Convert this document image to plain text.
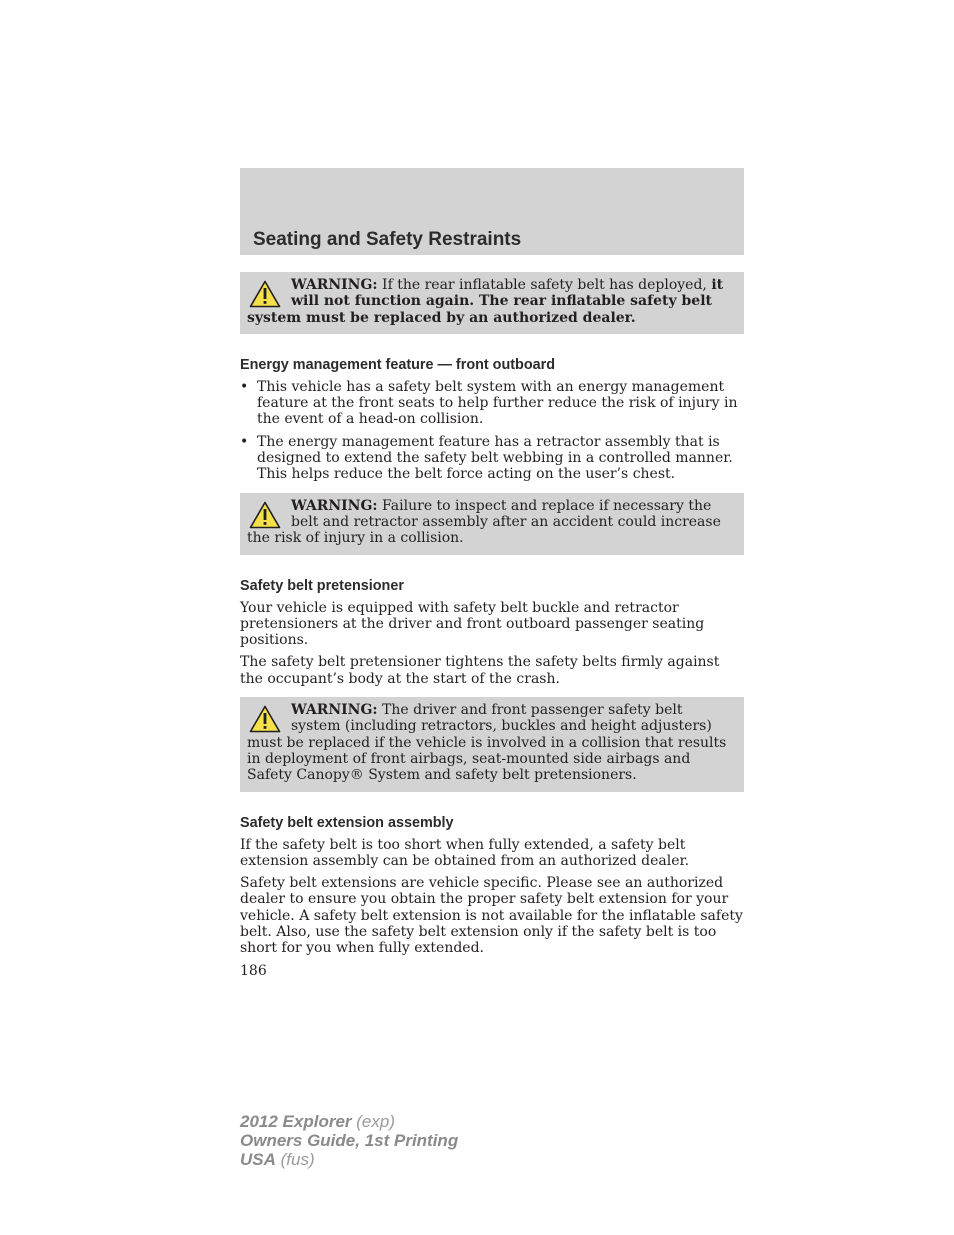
Seating and Safety Restraints
WARNING: If the rear inflatable safety belt has deployed, it will not function again. The rear inflatable safety belt system must be replaced by an authorized dealer.
Energy management feature — front outboard
• This vehicle has a safety belt system with an energy management feature at the front seats to help further reduce the risk of injury in the event of a head-on collision.
• The energy management feature has a retractor assembly that is designed to extend the safety belt webbing in a controlled manner. This helps reduce the belt force acting on the user’s chest.
WARNING: Failure to inspect and replace if necessary the belt and retractor assembly after an accident could increase the risk of injury in a collision.
Safety belt pretensioner

Your vehicle is equipped with safety belt buckle and retractor pretensioners at the driver and front outboard passenger seating positions.

The safety belt pretensioner tightens the safety belts firmly against the occupant’s body at the start of the crash.

WARNING: The driver and front passenger safety belt system (including retractors, buckles and height adjusters) must be replaced if the vehicle is involved in a collision that results in deployment of front airbags, seat-mounted side airbags and Safety Canopy® System and safety belt pretensioners.
Safety belt extension assembly

If the safety belt is too short when fully extended, a safety belt extension assembly can be obtained from an authorized dealer.

Safety belt extensions are vehicle specific. Please see an authorized dealer to ensure you obtain the proper safety belt extension for your vehicle. A safety belt extension is not available for the inflatable safety belt. Also, use the safety belt extension only if the safety belt is too short for you when fully extended.

186
2012 Explorer (exp)
Owners Guide, 1st Printing
USA (fus)
